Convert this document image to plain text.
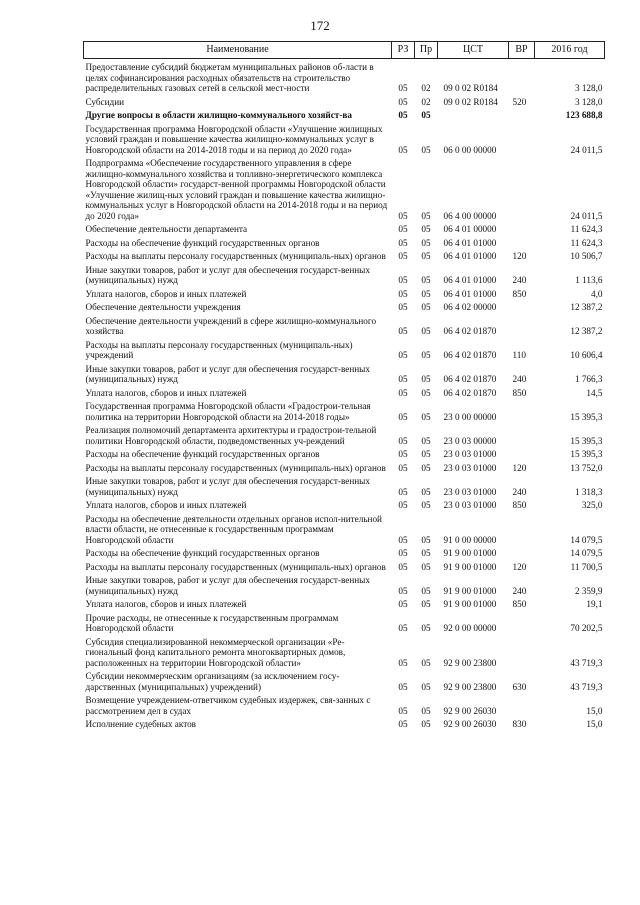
172
Наименование	РЗ	Пр	ЦСТ	ВР	2016 год
Предоставление субсидий бюджетам муниципальных районов об-ласти в целях софинансирования расходных обязательств на строительство распределительных газовых сетей в сельской мест-ности	05	02	09 0 02 R0184		3 128,0
Субсидии	05	02	09 0 02 R0184	520	3 128,0
Другие вопросы в области жилищно-коммунального хозяйст-ва	05	05			123 688,8
Государственная программа Новгородской области «Улучшение жилищных условий граждан и повышение качества жилищно-коммунальных услуг в Новгородской области на 2014-2018 годы и на период до 2020 года»	05	05	06 0 00 00000		24 011,5
Подпрограмма «Обеспечение государственного управления в сфере жилищно-коммунального хозяйства и топливно-энергетического комплекса Новгородской области» государст-венной программы Новгородской области «Улучшение жилищ-ных условий граждан и повышение качества жилищно-коммунальных услуг в Новгородской области на 2014-2018 годы и на период до 2020 года»	05	05	06 4 00 00000		24 011,5
Обеспечение деятельности департамента	05	05	06 4 01 00000		11 624,3
Расходы на обеспечение функций государственных органов	05	05	06 4 01 01000		11 624,3
Расходы на выплаты персоналу государственных (муниципаль-ных) органов	05	05	06 4 01 01000	120	10 506,7
Иные закупки товаров, работ и услуг для обеспечения государст-венных (муниципальных) нужд	05	05	06 4 01 01000	240	1 113,6
Уплата налогов, сборов и иных платежей	05	05	06 4 01 01000	850	4,0
Обеспечение деятельности учреждения	05	05	06 4 02 00000		12 387,2
Обеспечение деятельности учреждений в сфере жилищно-коммунального хозяйства	05	05	06 4 02 01870		12 387,2
Расходы на выплаты персоналу государственных (муниципаль-ных) учреждений	05	05	06 4 02 01870	110	10 606,4
Иные закупки товаров, работ и услуг для обеспечения государст-венных (муниципальных) нужд	05	05	06 4 02 01870	240	1 766,3
Уплата налогов, сборов и иных платежей	05	05	06 4 02 01870	850	14,5
Государственная программа Новгородской области «Градострои-тельная политика на территории Новгородской области на 2014-2018 годы»	05	05	23 0 00 00000		15 395,3
Реализация полномочий департамента архитектуры и градострои-тельной политики Новгородской области, подведомственных уч-реждений	05	05	23 0 03 00000		15 395,3
Расходы на обеспечение функций государственных органов	05	05	23 0 03 01000		15 395,3
Расходы на выплаты персоналу государственных (муниципаль-ных) органов	05	05	23 0 03 01000	120	13 752,0
Иные закупки товаров, работ и услуг для обеспечения государст-венных (муниципальных) нужд	05	05	23 0 03 01000	240	1 318,3
Уплата налогов, сборов и иных платежей	05	05	23 0 03 01000	850	325,0
Расходы на обеспечение деятельности отдельных органов испол-нительной власти области, не отнесенные к государственным программам Новгородской области	05	05	91 0 00 00000		14 079,5
Расходы на обеспечение функций государственных органов	05	05	91 9 00 01000		14 079,5
Расходы на выплаты персоналу государственных (муниципаль-ных) органов	05	05	91 9 00 01000	120	11 700,5
Иные закупки товаров, работ и услуг для обеспечения государст-венных (муниципальных) нужд	05	05	91 9 00 01000	240	2 359,9
Уплата налогов, сборов и иных платежей	05	05	91 9 00 01000	850	19,1
Прочие расходы, не отнесенные к государственным программам Новгородской области	05	05	92 0 00 00000		70 202,5
Субсидия специализированной некоммерческой организации «Ре-гиональный фонд капитального ремонта многоквартирных домов, расположенных на территории Новгородской области»	05	05	92 9 00 23800		43 719,3
Субсидии некоммерческим организациям (за исключением госу-дарственных (муниципальных) учреждений)	05	05	92 9 00 23800	630	43 719,3
Возмещение учреждением-ответчиком судебных издержек, свя-занных с рассмотрением дел в судах	05	05	92 9 00 26030		15,0
Исполнение судебных актов	05	05	92 9 00 26030	830	15,0
